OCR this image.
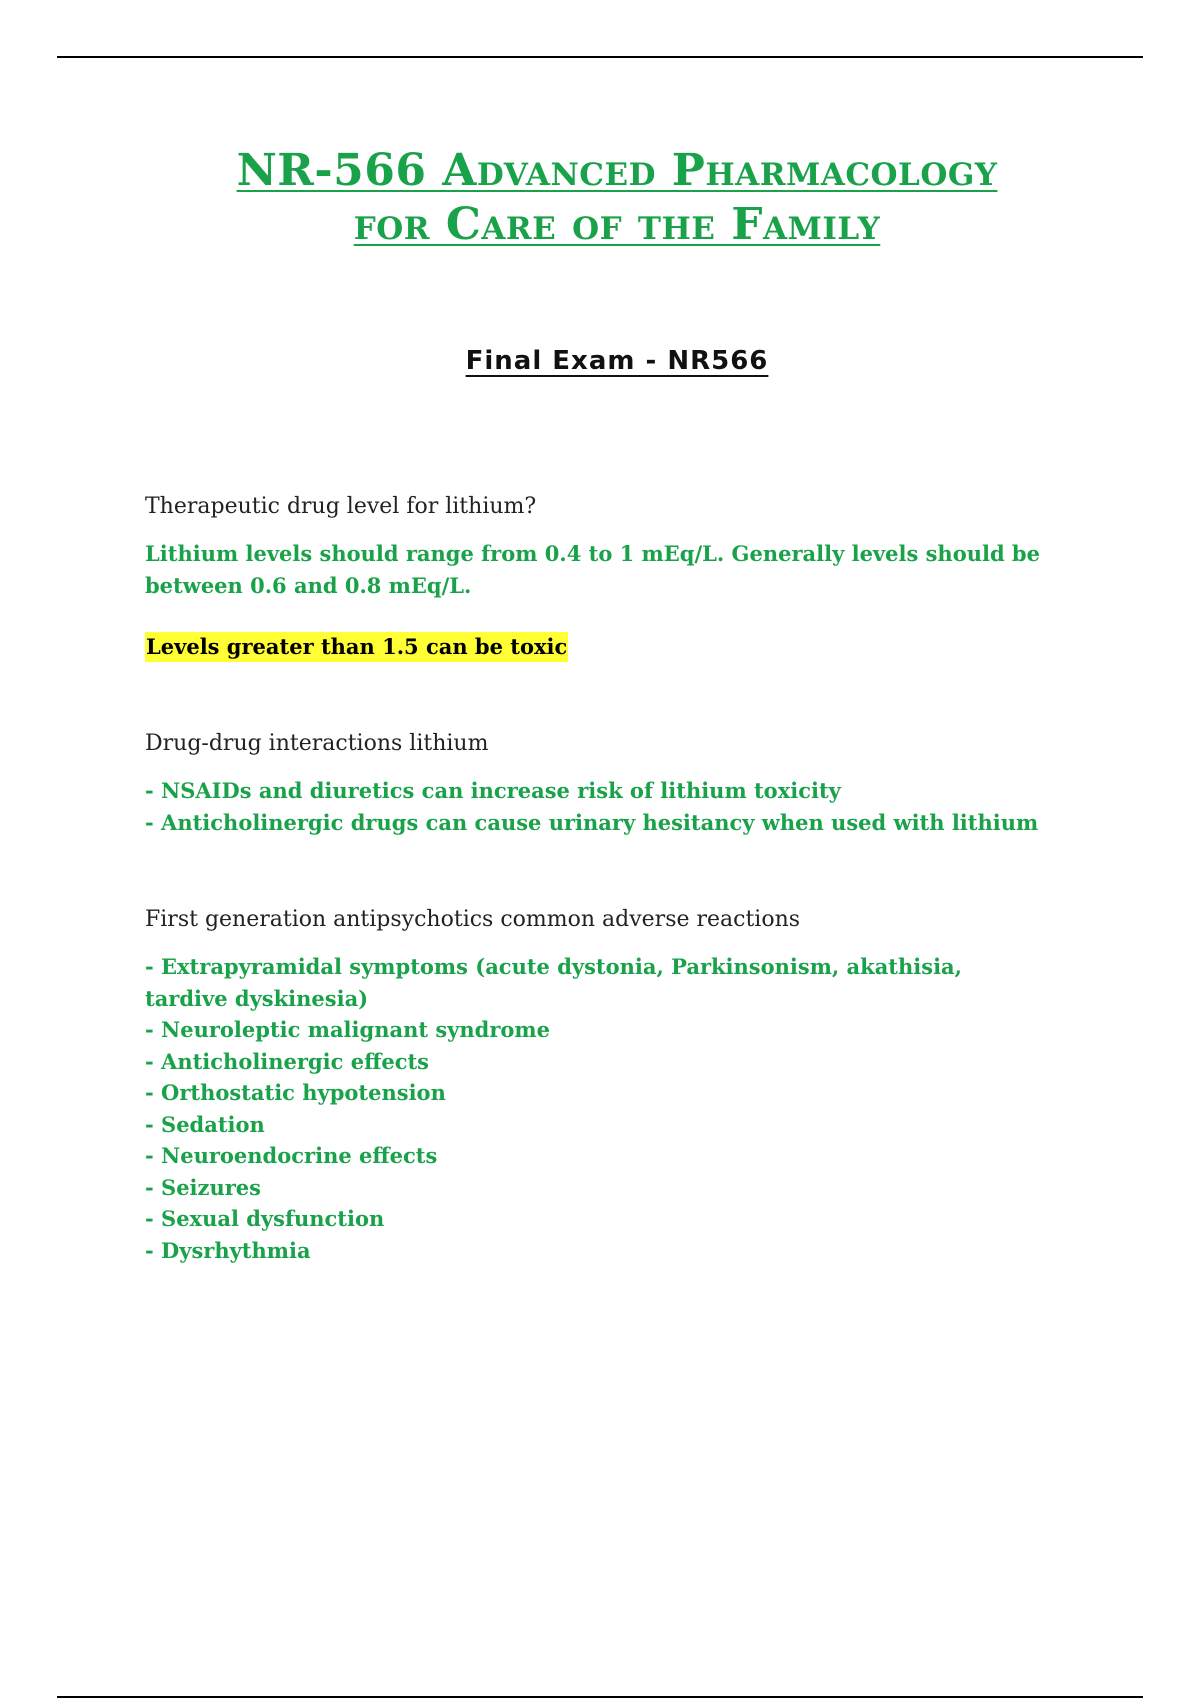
NR-566 Advanced Pharmacology
for Care of the Family
Final Exam - NR566

Therapeutic drug level for lithium?

Lithium levels should range from 0.4 to 1 mEq/L. Generally levels should be between 0.6 and 0.8 mEq/L.

Levels greater than 1.5 can be toxic

Drug-drug interactions lithium

- NSAIDs and diuretics can increase risk of lithium toxicity
- Anticholinergic drugs can cause urinary hesitancy when used with lithium

First generation antipsychotics common adverse reactions

- Extrapyramidal symptoms (acute dystonia, Parkinsonism, akathisia, tardive dyskinesia)
- Neuroleptic malignant syndrome
- Anticholinergic effects
- Orthostatic hypotension
- Sedation
- Neuroendocrine effects
- Seizures
- Sexual dysfunction
- Dysrhythmia
